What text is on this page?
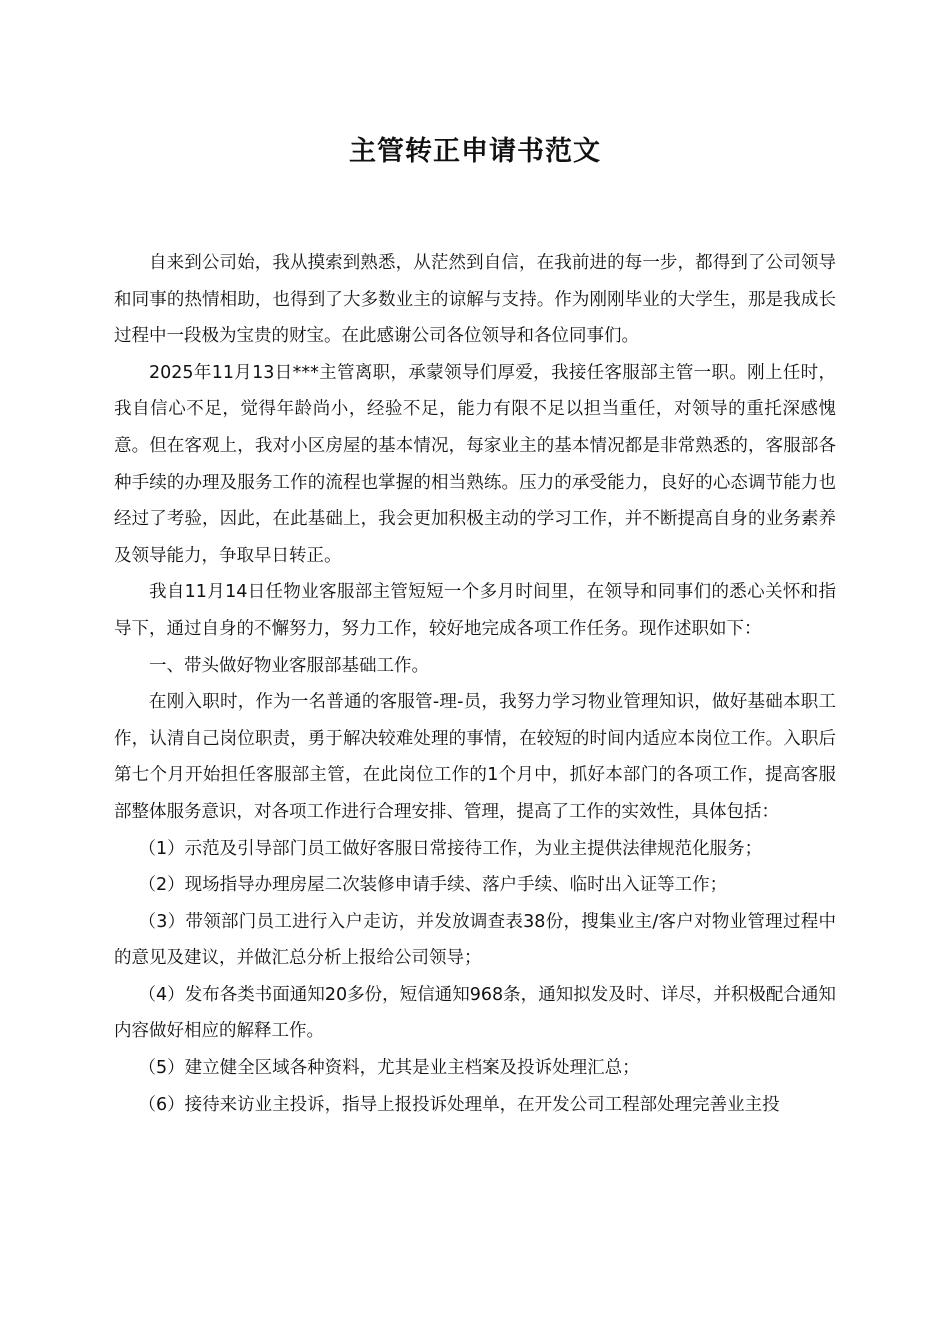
主管转正申请书范文

自来到公司始，我从摸索到熟悉，从茫然到自信，在我前进的每一步，都得到了公司领导和同事的热情相助，也得到了大多数业主的谅解与支持。作为刚刚毕业的大学生，那是我成长过程中一段极为宝贵的财宝。在此感谢公司各位领导和各位同事们。

2025年11月13日***主管离职，承蒙领导们厚爱，我接任客服部主管一职。刚上任时，我自信心不足，觉得年龄尚小，经验不足，能力有限不足以担当重任，对领导的重托深感愧意。但在客观上，我对小区房屋的基本情况，每家业主的基本情况都是非常熟悉的，客服部各种手续的办理及服务工作的流程也掌握的相当熟练。压力的承受能力，良好的心态调节能力也经过了考验，因此，在此基础上，我会更加积极主动的学习工作，并不断提高自身的业务素养及领导能力，争取早日转正。

我自11月14日任物业客服部主管短短一个多月时间里，在领导和同事们的悉心关怀和指导下，通过自身的不懈努力，努力工作，较好地完成各项工作任务。现作述职如下：

一、带头做好物业客服部基础工作。

在刚入职时，作为一名普通的客服管-理-员，我努力学习物业管理知识，做好基础本职工作，认清自己岗位职责，勇于解决较难处理的事情，在较短的时间内适应本岗位工作。入职后第七个月开始担任客服部主管，在此岗位工作的1个月中，抓好本部门的各项工作，提高客服部整体服务意识，对各项工作进行合理安排、管理，提高了工作的实效性，具体包括：

（1）示范及引导部门员工做好客服日常接待工作，为业主提供法律规范化服务；

（2）现场指导办理房屋二次装修申请手续、落户手续、临时出入证等工作；

（3）带领部门员工进行入户走访，并发放调查表38份，搜集业主/客户对物业管理过程中的意见及建议，并做汇总分析上报给公司领导；

（4）发布各类书面通知20多份，短信通知968条，通知拟发及时、详尽，并积极配合通知内容做好相应的解释工作。

（5）建立健全区域各种资料，尤其是业主档案及投诉处理汇总；

（6）接待来访业主投诉，指导上报投诉处理单，在开发公司工程部处理完善业主投
